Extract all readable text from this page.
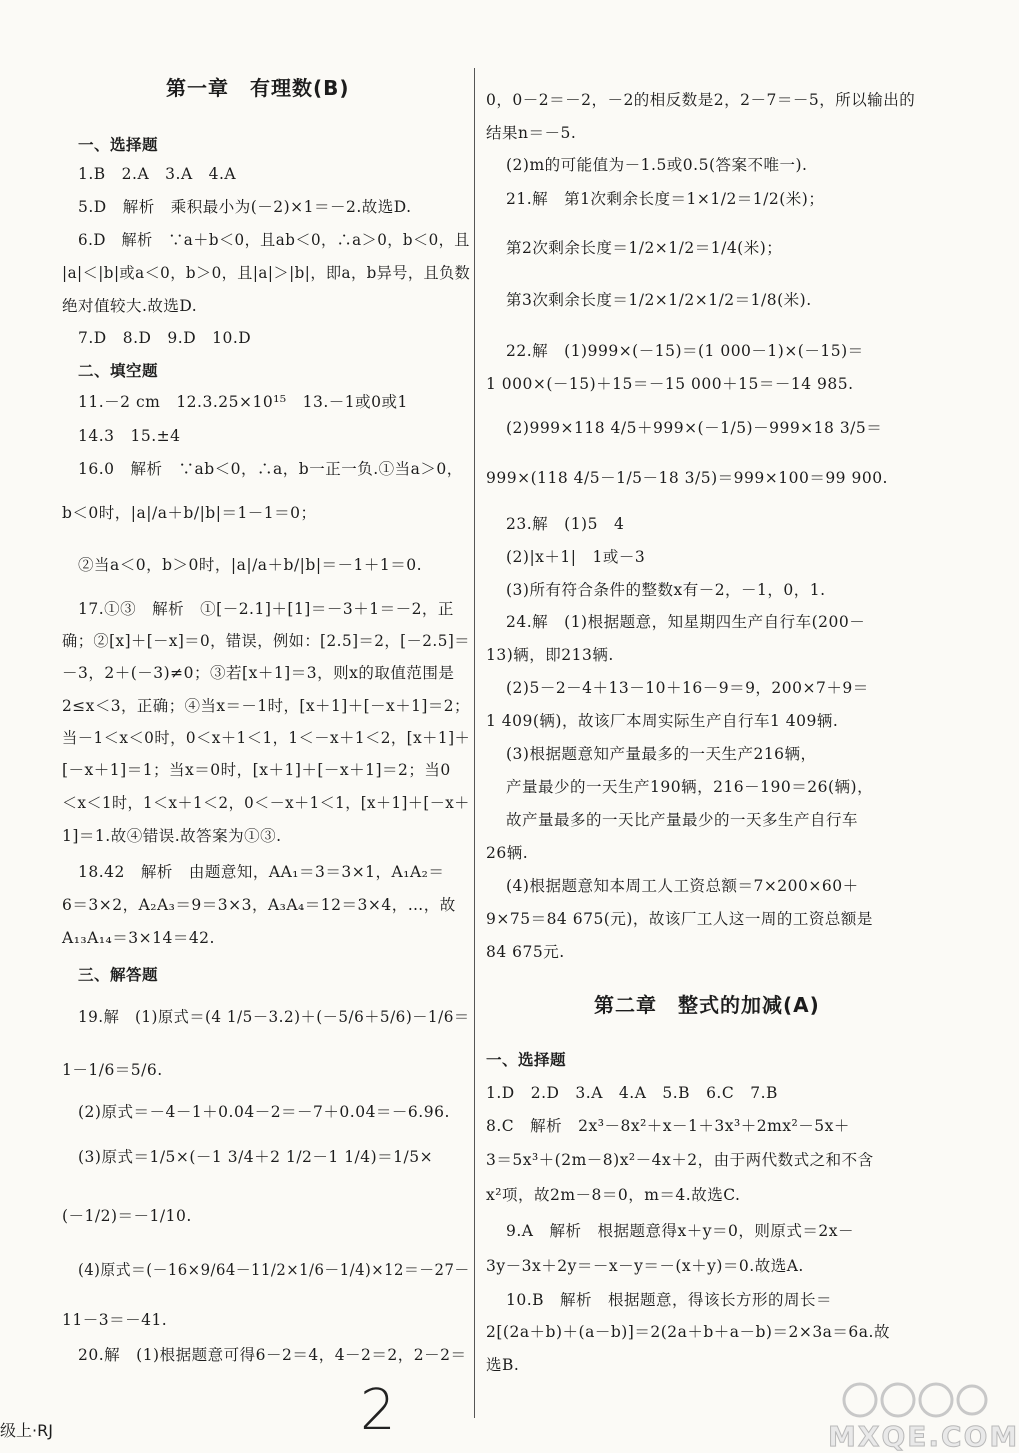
第一章　有理数(B)
一、选择题
1.B　2.A　3.A　4.A
5.D　解析　乘积最小为(－2)×1＝－2.故选D.
6.D　解析　∵a＋b＜0，且ab＜0，∴a＞0，b＜0，且
|a|＜|b|或a＜0，b＞0，且|a|＞|b|，即a，b异号，且负数
绝对值较大.故选D.
7.D　8.D　9.D　10.D
二、填空题
11.－2 cm　12.3.25×10¹⁵　13.－1或0或1
14.3　15.±4
16.0　解析　∵ab＜0，∴a，b一正一负.①当a＞0，
b＜0时，|a|/a＋b/|b|＝1－1＝0；
②当a＜0，b＞0时，|a|/a＋b/|b|＝－1＋1＝0.
17.①③　解析　①[－2.1]＋[1]＝－3＋1＝－2，正
确；②[x]＋[－x]＝0，错误，例如：[2.5]＝2，[－2.5]＝
－3，2＋(－3)≠0；③若[x＋1]＝3，则x的取值范围是
2≤x＜3，正确；④当x＝－1时，[x＋1]＋[－x＋1]＝2；
当－1＜x＜0时，0＜x＋1＜1，1＜－x＋1＜2，[x＋1]＋
[－x＋1]＝1；当x＝0时，[x＋1]＋[－x＋1]＝2；当0
＜x＜1时，1＜x＋1＜2，0＜－x＋1＜1，[x＋1]＋[－x＋
1]＝1.故④错误.故答案为①③.
18.42　解析　由题意知，AA₁＝3＝3×1，A₁A₂＝
6＝3×2，A₂A₃＝9＝3×3，A₃A₄＝12＝3×4，…，故
A₁₃A₁₄＝3×14＝42.
三、解答题
19.解　(1)原式＝(4 1/5－3.2)＋(－5/6＋5/6)－1/6＝
1－1/6＝5/6.
(2)原式＝－4－1＋0.04－2＝－7＋0.04＝－6.96.
(3)原式＝1/5×(－1 3/4＋2 1/2－1 1/4)＝1/5×
(－1/2)＝－1/10.
(4)原式＝(－16×9/64－11/2×1/6－1/4)×12＝－27－
11－3＝－41.
20.解　(1)根据题意可得6－2＝4，4－2＝2，2－2＝
0，0－2＝－2，－2的相反数是2，2－7＝－5，所以输出的
结果n＝－5.
(2)m的可能值为－1.5或0.5(答案不唯一).
21.解　第1次剩余长度＝1×1/2＝1/2(米)；
第2次剩余长度＝1/2×1/2＝1/4(米)；
第3次剩余长度＝1/2×1/2×1/2＝1/8(米).
22.解　(1)999×(－15)＝(1 000－1)×(－15)＝
1 000×(－15)＋15＝－15 000＋15＝－14 985.
(2)999×118 4/5＋999×(－1/5)－999×18 3/5＝
999×(118 4/5－1/5－18 3/5)＝999×100＝99 900.
23.解　(1)5　4
(2)|x＋1|　1或－3
(3)所有符合条件的整数x有－2，－1，0，1.
24.解　(1)根据题意，知星期四生产自行车(200－
13)辆，即213辆.
(2)5－2－4＋13－10＋16－9＝9，200×7＋9＝
1 409(辆)，故该厂本周实际生产自行车1 409辆.
(3)根据题意知产量最多的一天生产216辆，
产量最少的一天生产190辆，216－190＝26(辆)，
故产量最多的一天比产量最少的一天多生产自行车
26辆.
(4)根据题意知本周工人工资总额＝7×200×60＋
9×75＝84 675(元)，故该厂工人这一周的工资总额是
84 675元.
第二章　整式的加减(A)
一、选择题
1.D　2.D　3.A　4.A　5.B　6.C　7.B
8.C　解析　2x³－8x²＋x－1＋3x³＋2mx²－5x＋
3＝5x³＋(2m－8)x²－4x＋2，由于两代数式之和不含
x²项，故2m－8＝0，m＝4.故选C.
9.A　解析　根据题意得x＋y＝0，则原式＝2x－
3y－3x＋2y＝－x－y＝－(x＋y)＝0.故选A.
10.B　解析　根据题意，得该长方形的周长＝
2[(2a＋b)＋(a－b)]＝2(2a＋b＋a－b)＝2×3a＝6a.故
选B.
级上·RJ	2	MXQE.COM
